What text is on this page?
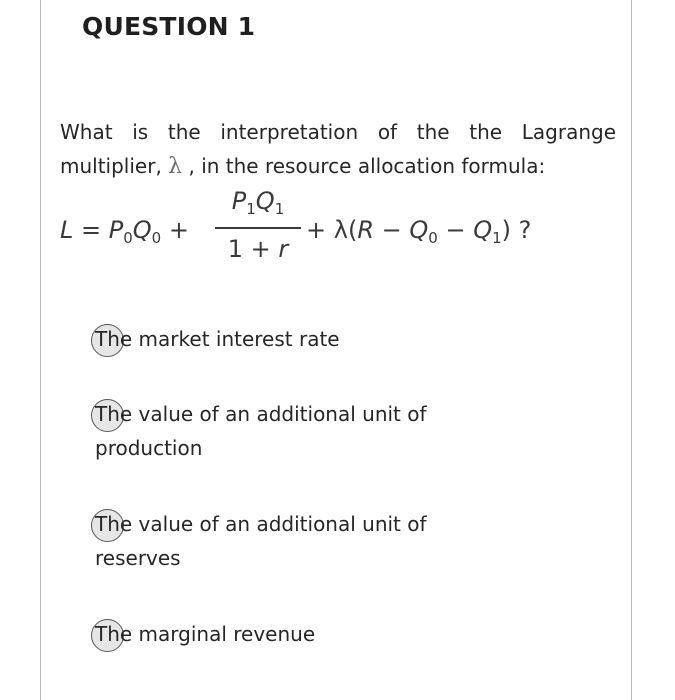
QUESTION 1

What is the interpretation of the the Lagrange
multiplier, λ , in the resource allocation formula:

$L = P_0Q_0$ +
$P_1Q_1$
1 + r
+ $\lambda(R - Q_0 - Q_1)$ ?
The market interest rate
The value of an additional unit of production
The value of an additional unit of reserves
The marginal revenue
